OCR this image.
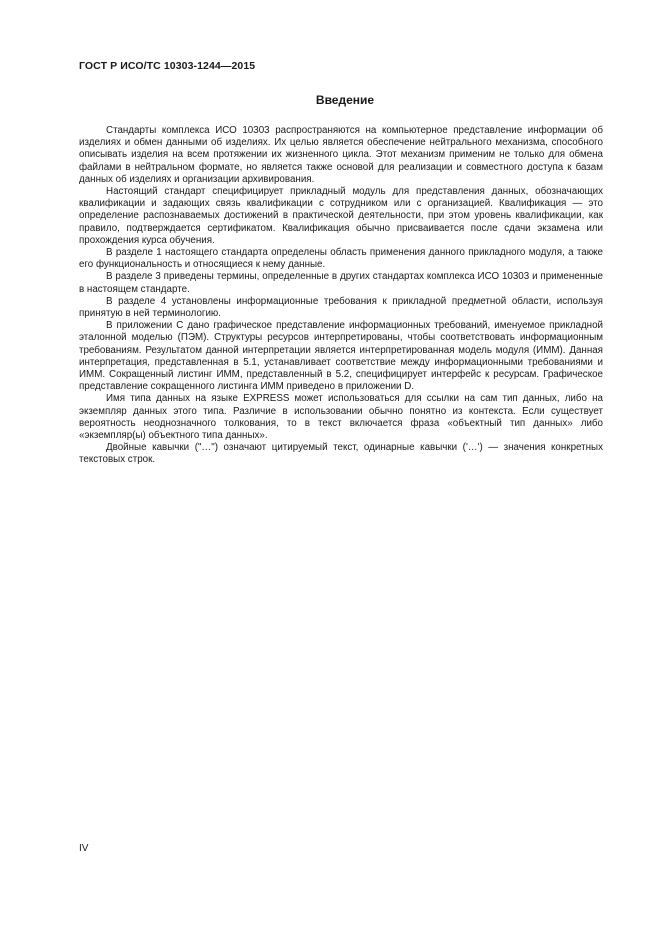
ГОСТ Р ИСО/ТС 10303-1244—2015
Введение

Стандарты комплекса ИСО 10303 распространяются на компьютерное представление информации об изделиях и обмен данными об изделиях. Их целью является обеспечение нейтрального механизма, способного описывать изделия на всем протяжении их жизненного цикла. Этот механизм применим не только для обмена файлами в нейтральном формате, но является также основой для реализации и совместного доступа к базам данных об изделиях и организации архивирования.

Настоящий стандарт специфицирует прикладный модуль для представления данных, обозначающих квалификации и задающих связь квалификации с сотрудником или с организацией. Квалификация — это определение распознаваемых достижений в практической деятельности, при этом уровень квалификации, как правило, подтверждается сертификатом. Квалификация обычно присваивается после сдачи экзамена или прохождения курса обучения.

В разделе 1 настоящего стандарта определены область применения данного прикладного модуля, а также его функциональность и относящиеся к нему данные.

В разделе 3 приведены термины, определенные в других стандартах комплекса ИСО 10303 и примененные в настоящем стандарте.

В разделе 4 установлены информационные требования к прикладной предметной области, используя принятую в ней терминологию.

В приложении С дано графическое представление информационных требований, именуемое прикладной эталонной моделью (ПЭМ). Структуры ресурсов интерпретированы, чтобы соответствовать информационным требованиям. Результатом данной интерпретации является интерпретированная модель модуля (ИММ). Данная интерпретация, представленная в 5.1, устанавливает соответствие между информационными требованиями и ИММ. Сокращенный листинг ИММ, представленный в 5.2, специфицирует интерфейс к ресурсам. Графическое представление сокращенного листинга ИММ приведено в приложении D.

Имя типа данных на языке EXPRESS может использоваться для ссылки на сам тип данных, либо на экземпляр данных этого типа. Различие в использовании обычно понятно из контекста. Если существует вероятность неоднозначного толкования, то в текст включается фраза «объектный тип данных» либо «экземпляр(ы) объектного типа данных».

Двойные кавычки ("…") означают цитируемый текст, одинарные кавычки ('…') — значения конкретных текстовых строк.

IV
